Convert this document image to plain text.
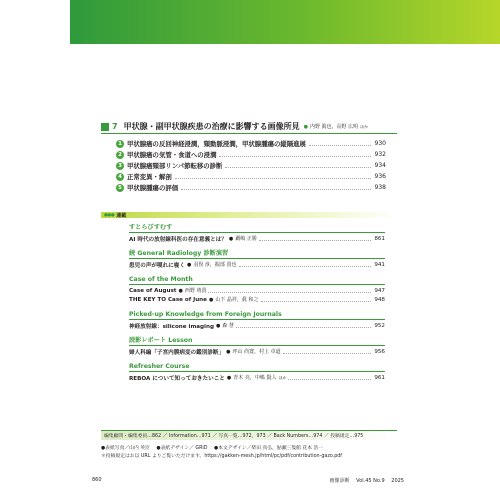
7 甲状腺・副甲状腺疾患の治療に影響する画像所見 ● 内野 眞也，長野 広明 ほか
1 甲状腺癌の反回神経浸潤，頸動脈浸潤，甲状腺腫瘍の縦隔進展	930
2 甲状腺癌の気管・食道への浸潤	932
3 甲状腺癌頸部リンパ節転移の診断	934
4 正常変異・解剖	936
5 甲状腺腫瘍の評価	938
●●● 連載
すとらびすむす
AI 時代の放射線科医の存在意義とは？ ● 覇嶋 正勝	861
続 General Radiology 診断演習
患児の声が嗄れに寝く ● 羽俣 淳，掘部 貴也	941
Case of the Month
Case of August ● 西野 靖貴	947
THE KEY TO Case of June ● 山下 晶祥，眞 和之	948
Picked-up Knowledge from Foreign Journals
神経放射線：silicone imaging ● 森 慧	952
読影レポート Lesson
婦人科編「子宮内膜病変の鑑別診断」 ● 坪山 尚寛，村上 卓道	956
Refresher Course
REBOA について知っておきたいこと ● 青木 亮，中嶋 賢人 ほか	961
編集顧問・編集委員…862 ／ Information…971 ／ 写真一覧…972，973 ／ Back Numbers…974 ／ 投稿規定…975
●表紙写真／山内 英臣 ●表紙デザイン／ GRiD ●本文デザイン／柴田 真弘，鮎瀬三隻館 花本 浩一
＊投稿規定はお以 URL よりご覧いただけます。https://gakken-mesh.jp/html/pc/pdf/contribution-gazo.pdf
860	画像診断 Vol.45 No.9 2025
